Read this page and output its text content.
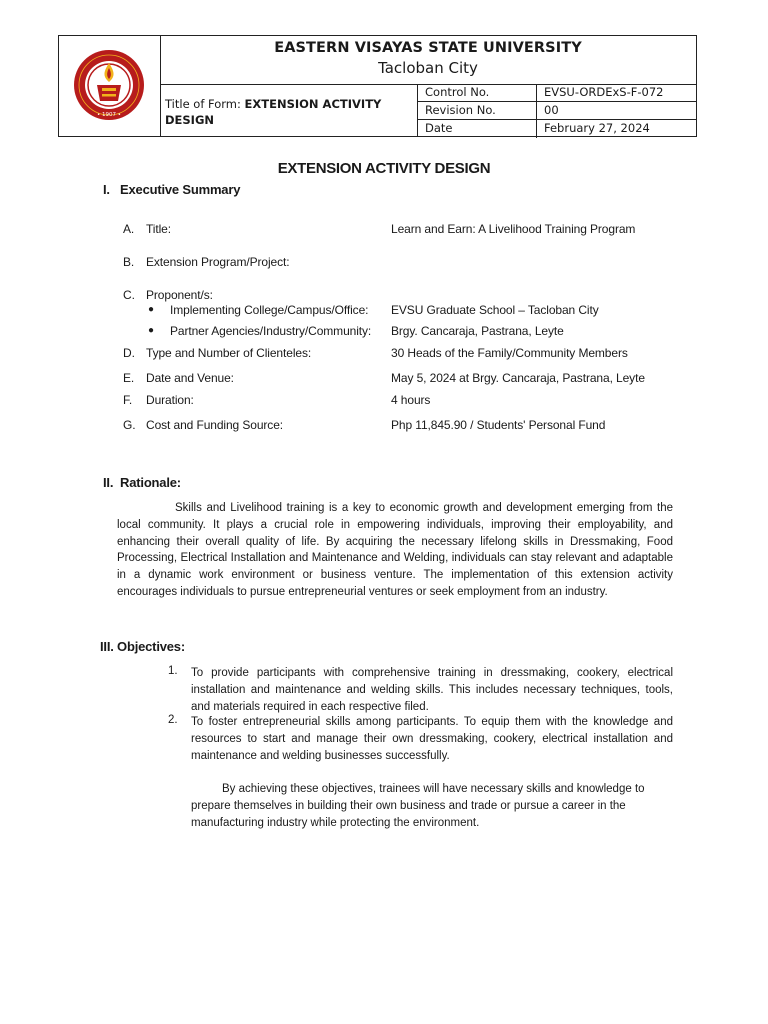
• 1907 •
EASTERN VISAYAS STATE UNIVERSITY
Tacloban City
Title of Form: EXTENSION ACTIVITY DESIGN
Control No.	EVSU-ORDExS-F-072
Revision No.	00
Date	February 27, 2024
EXTENSION ACTIVITY DESIGN
I.   Executive Summary
A. Title:	Learn and Earn: A Livelihood Training Program
B. Extension Program/Project:
C. Proponent/s:
● Implementing College/Campus/Office: EVSU Graduate School – Tacloban City
● Partner Agencies/Industry/Community: Brgy. Cancaraja, Pastrana, Leyte
D. Type and Number of Clienteles:	30 Heads of the Family/Community Members
E. Date and Venue:	May 5, 2024 at Brgy. Cancaraja, Pastrana, Leyte
F. Duration:	4 hours
G. Cost and Funding Source:	Php 11,845.90 / Students' Personal Fund
II.  Rationale:

Skills and Livelihood training is a key to economic growth and development emerging from the local community. It plays a crucial role in empowering individuals, improving their employability, and enhancing their overall quality of life. By acquiring the necessary lifelong skills in Dressmaking, Food Processing, Electrical Installation and Maintenance and Welding, individuals can stay relevant and adaptable in a dynamic work environment or business venture. The implementation of this extension activity encourages individuals to pursue entrepreneurial ventures or seek employment from an industry.

III. Objectives:
1. To provide participants with comprehensive training in dressmaking, cookery, electrical installation and maintenance and welding skills. This includes necessary techniques, tools, and materials required in each respective filed.
2. To foster entrepreneurial skills among participants. To equip them with the knowledge and resources to start and manage their own dressmaking, cookery, electrical installation and maintenance and welding businesses successfully.

By achieving these objectives, trainees will have necessary skills and knowledge to prepare themselves in building their own business and trade or pursue a career in the manufacturing industry while protecting the environment.
